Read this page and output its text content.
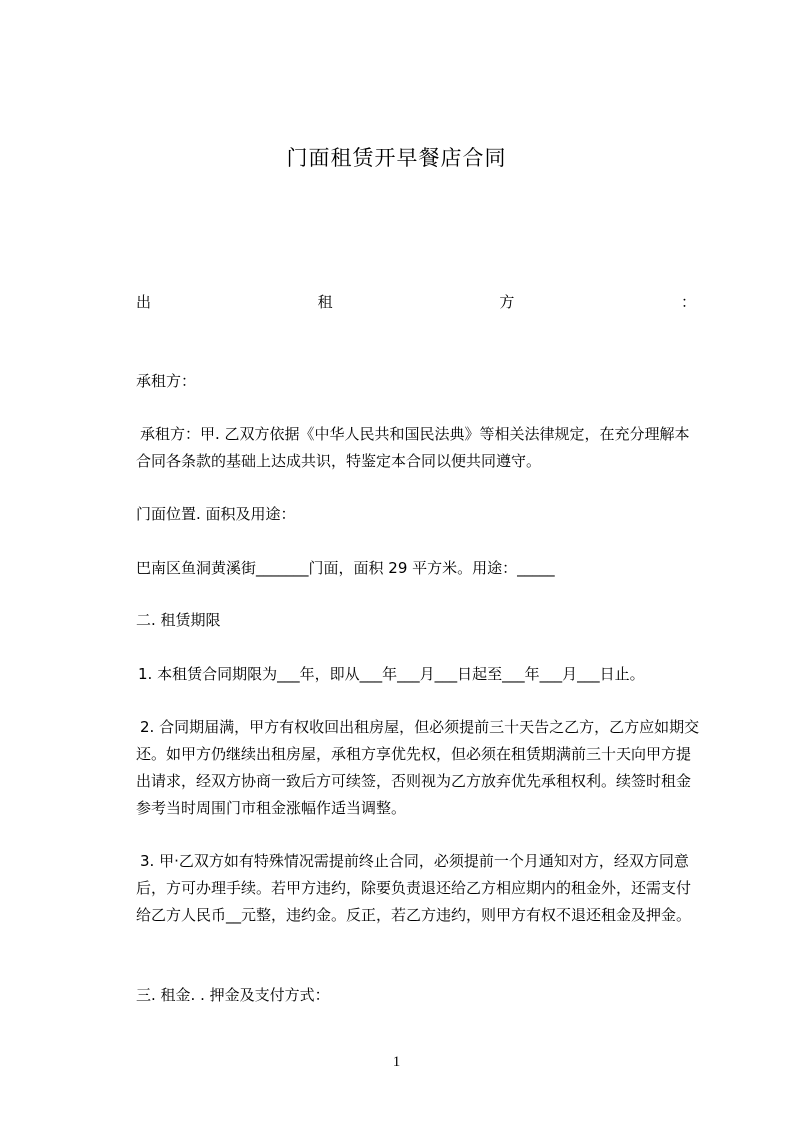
门面租赁开早餐店合同
出	租	方	：
承租方：
承租方：甲. 乙双方依据《中华人民共和国民法典》等相关法律规定，在充分理解本合同各条款的基础上达成共识，特鉴定本合同以便共同遵守。
门面位置. 面积及用途：
巴南区鱼洞黄溪街_______门面，面积 29 平方米。用途：_____
二. 租赁期限
1. 本租赁合同期限为___年，即从___年___月___日起至___年___月___日止。
2. 合同期届满，甲方有权收回出租房屋，但必须提前三十天告之乙方，乙方应如期交还。如甲方仍继续出租房屋，承租方享优先权，但必须在租赁期满前三十天向甲方提出请求，经双方协商一致后方可续签，否则视为乙方放弃优先承租权利。续签时租金参考当时周围门市租金涨幅作适当调整。
3. 甲·乙双方如有特殊情况需提前终止合同，必须提前一个月通知对方，经双方同意后，方可办理手续。若甲方违约，除要负责退还给乙方相应期内的租金外，还需支付给乙方人民币__元整，违约金。反正，若乙方违约，则甲方有权不退还租金及押金。
三. 租金. . 押金及支付方式：
1
